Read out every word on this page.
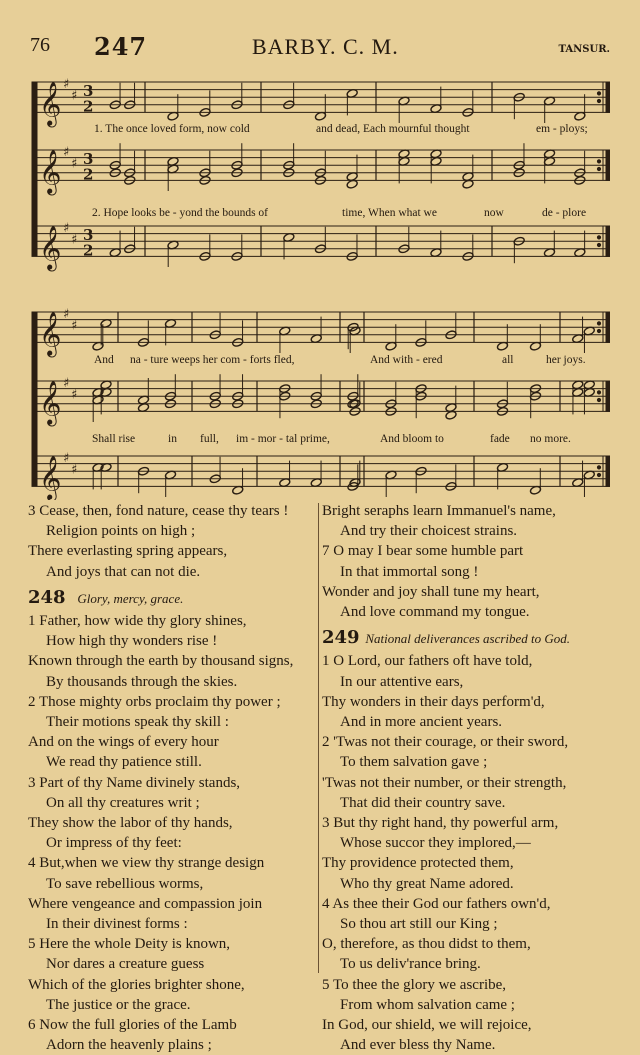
76 247	BARBY. C. M.	TANSUR.
𝄞 ♯
♯ 3
2
𝄞 ♯
♯ 3
2
𝄞 ♯
♯ 3
2
𝄞 ♯
♯
𝄞 ♯
♯
𝄞 ♯
♯
1. The once loved form, now cold	and dead, Each mournful thought	em - ploys;
2. Hope looks be - yond the bounds of	time, When what we	now	de - plore
And na - ture weeps her com - forts fled,	And with - ered	all	her joys.
Shall rise	in full, im - mor - tal prime,	And bloom to	fade no more.
3 Cease, then, fond nature, cease thy tears !
Religion points on high ;
There everlasting spring appears,
And joys that can not die.
248 Glory, mercy, grace.
1 Father, how wide thy glory shines,
How high thy wonders rise !
Known through the earth by thousand signs,
By thousands through the skies.
2 Those mighty orbs proclaim thy power ;
Their motions speak thy skill :
And on the wings of every hour
We read thy patience still.
3 Part of thy Name divinely stands,
On all thy creatures writ ;
They show the labor of thy hands,
Or impress of thy feet:
4 But,when we view thy strange design
To save rebellious worms,
Where vengeance and compassion join
In their divinest forms :
5 Here the whole Deity is known,
Nor dares a creature guess
Which of the glories brighter shone,
The justice or the grace.
6 Now the full glories of the Lamb
Adorn the heavenly plains ;
Bright seraphs learn Immanuel's name,
And try their choicest strains.
7 O may I bear some humble part
In that immortal song !
Wonder and joy shall tune my heart,
And love command my tongue.
249 National deliverances ascribed to God.
1 O Lord, our fathers oft have told,
In our attentive ears,
Thy wonders in their days perform'd,
And in more ancient years.
2 'Twas not their courage, or their sword,
To them salvation gave ;
'Twas not their number, or their strength,
That did their country save.
3 But thy right hand, thy powerful arm,
Whose succor they implored,—
Thy providence protected them,
Who thy great Name adored.
4 As thee their God our fathers own'd,
So thou art still our King ;
O, therefore, as thou didst to them,
To us deliv'rance bring.
5 To thee the glory we ascribe,
From whom salvation came ;
In God, our shield, we will rejoice,
And ever bless thy Name.
